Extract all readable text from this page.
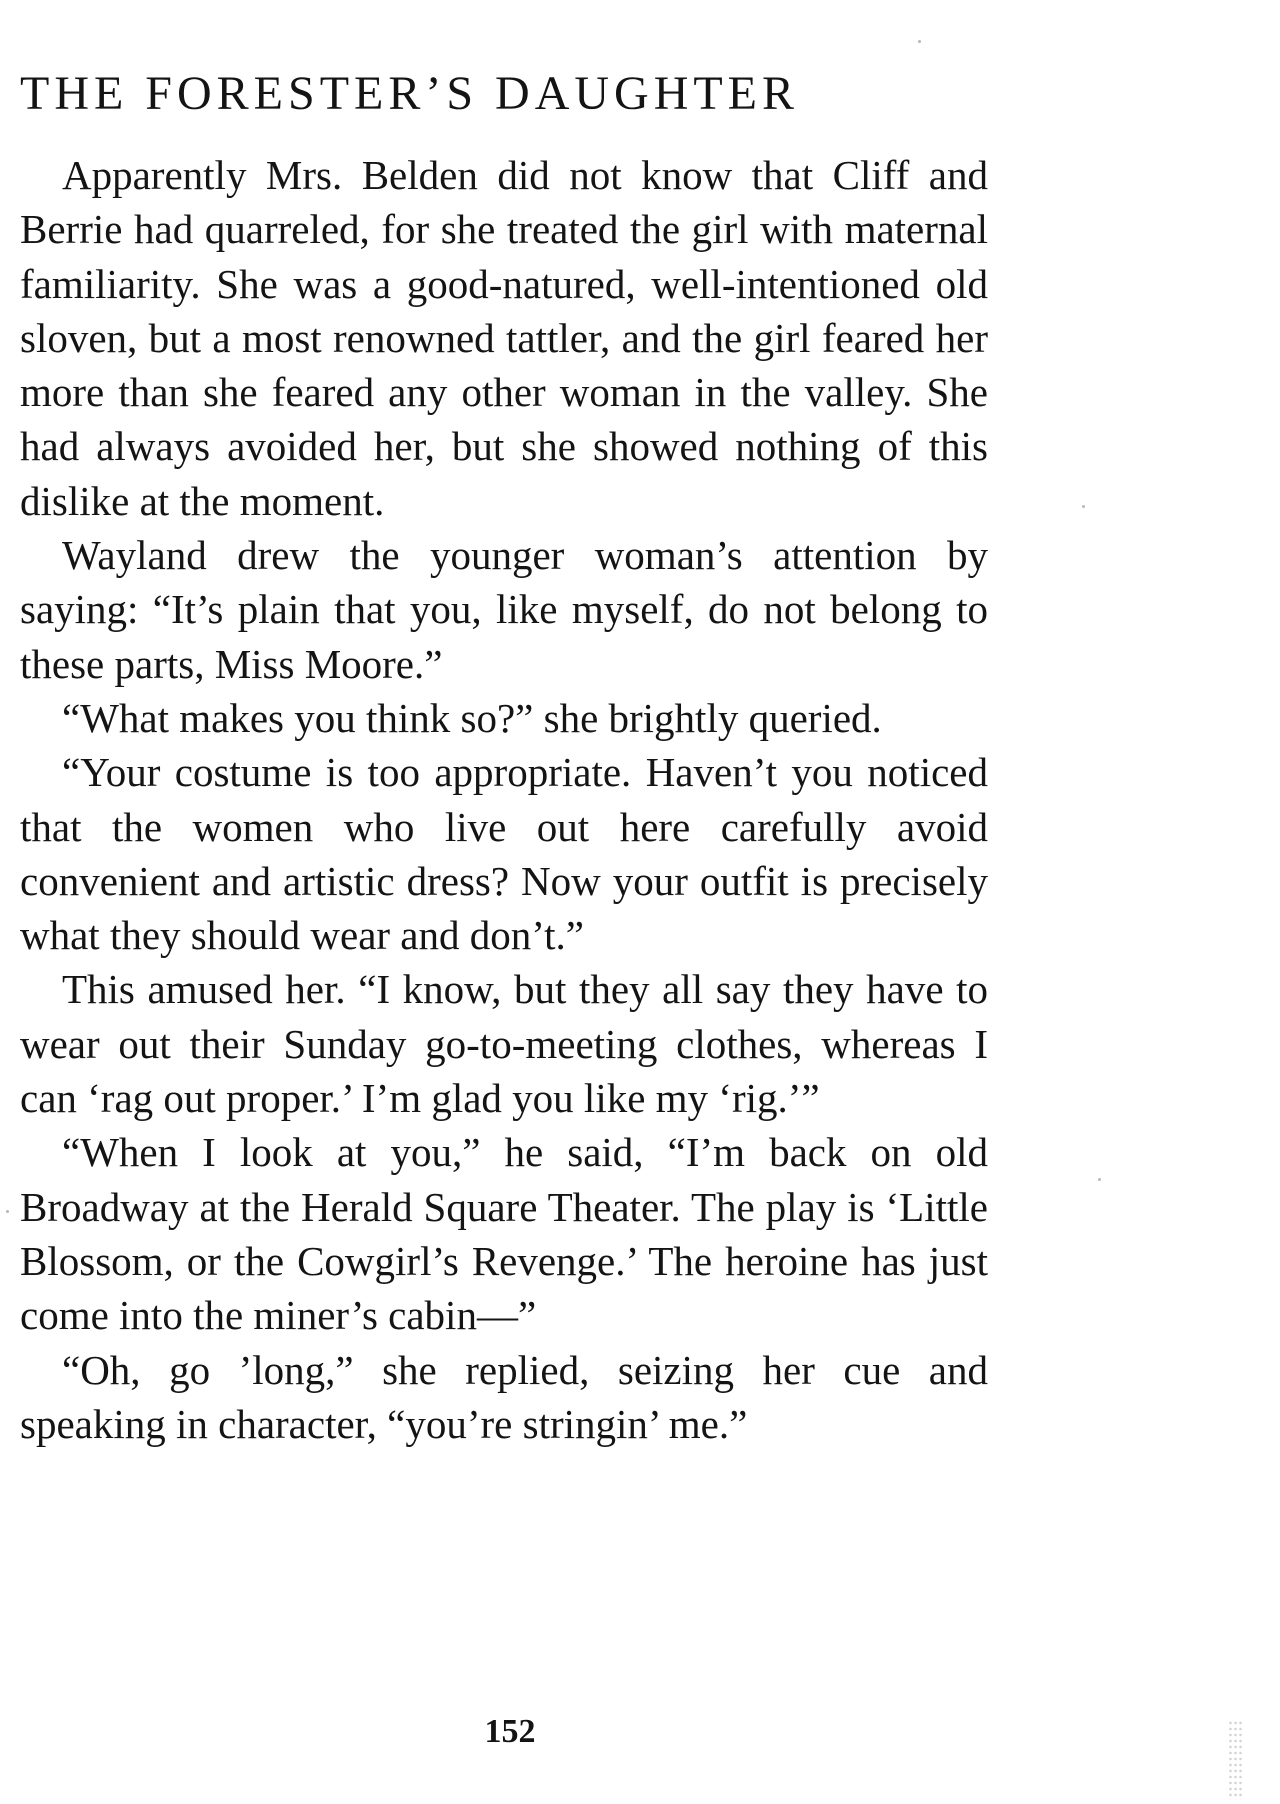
THE FORESTER’S DAUGHTER

Apparently Mrs. Belden did not know that Cliff and Berrie had quarreled, for she treated the girl with maternal familiarity. She was a good-natured, well-intentioned old sloven, but a most renowned tattler, and the girl feared her more than she feared any other woman in the valley. She had always avoided her, but she showed nothing of this dislike at the moment.

Wayland drew the younger woman’s attention by saying: “It’s plain that you, like myself, do not belong to these parts, Miss Moore.”

“What makes you think so?” she brightly queried.

“Your costume is too appropriate. Haven’t you noticed that the women who live out here carefully avoid convenient and artistic dress? Now your outfit is precisely what they should wear and don’t.”

This amused her. “I know, but they all say they have to wear out their Sunday go-to-meeting clothes, whereas I can ‘rag out proper.’ I’m glad you like my ‘rig.’”

“When I look at you,” he said, “I’m back on old Broadway at the Herald Square Theater. The play is ‘Little Blossom, or the Cowgirl’s Revenge.’ The heroine has just come into the miner’s cabin—”

“Oh, go ’long,” she replied, seizing her cue and speaking in character, “you’re stringin’ me.”

152
